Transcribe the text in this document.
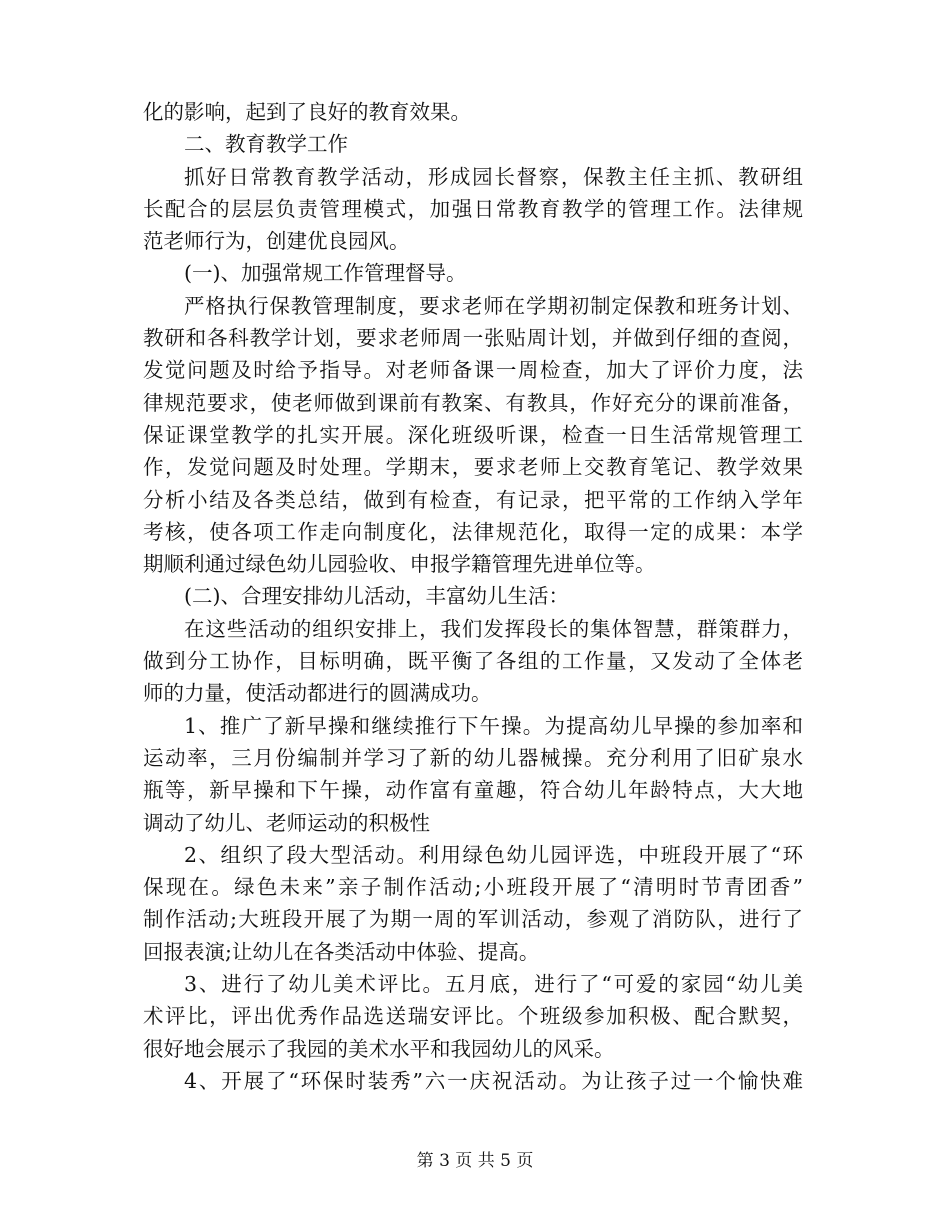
化的影响，起到了良好的教育效果。
二、教育教学工作
抓好日常教育教学活动，形成园长督察，保教主任主抓、教研组
长配合的层层负责管理模式，加强日常教育教学的管理工作。法律规
范老师行为，创建优良园风。
(一)、加强常规工作管理督导。
严格执行保教管理制度，要求老师在学期初制定保教和班务计划、
教研和各科教学计划，要求老师周一张贴周计划，并做到仔细的查阅，
发觉问题及时给予指导。对老师备课一周检查，加大了评价力度，法
律规范要求，使老师做到课前有教案、有教具，作好充分的课前准备，
保证课堂教学的扎实开展。深化班级听课，检查一日生活常规管理工
作，发觉问题及时处理。学期末，要求老师上交教育笔记、教学效果
分析小结及各类总结，做到有检查，有记录，把平常的工作纳入学年
考核，使各项工作走向制度化，法律规范化，取得一定的成果：本学
期顺利通过绿色幼儿园验收、申报学籍管理先进单位等。
(二)、合理安排幼儿活动，丰富幼儿生活：
在这些活动的组织安排上，我们发挥段长的集体智慧，群策群力，
做到分工协作，目标明确，既平衡了各组的工作量，又发动了全体老
师的力量，使活动都进行的圆满成功。
1、推广了新早操和继续推行下午操。为提高幼儿早操的参加率和
运动率，三月份编制并学习了新的幼儿器械操。充分利用了旧矿泉水
瓶等，新早操和下午操，动作富有童趣，符合幼儿年龄特点，大大地
调动了幼儿、老师运动的积极性
2、组织了段大型活动。利用绿色幼儿园评选，中班段开展了“环
保现在。绿色未来”亲子制作活动;小班段开展了“清明时节青团香”
制作活动;大班段开展了为期一周的军训活动，参观了消防队，进行了
回报表演;让幼儿在各类活动中体验、提高。
3、进行了幼儿美术评比。五月底，进行了“可爱的家园“幼儿美
术评比，评出优秀作品选送瑞安评比。个班级参加积极、配合默契，
很好地会展示了我园的美术水平和我园幼儿的风采。
4、开展了“环保时装秀”六一庆祝活动。为让孩子过一个愉快难
第 3 页 共 5 页
